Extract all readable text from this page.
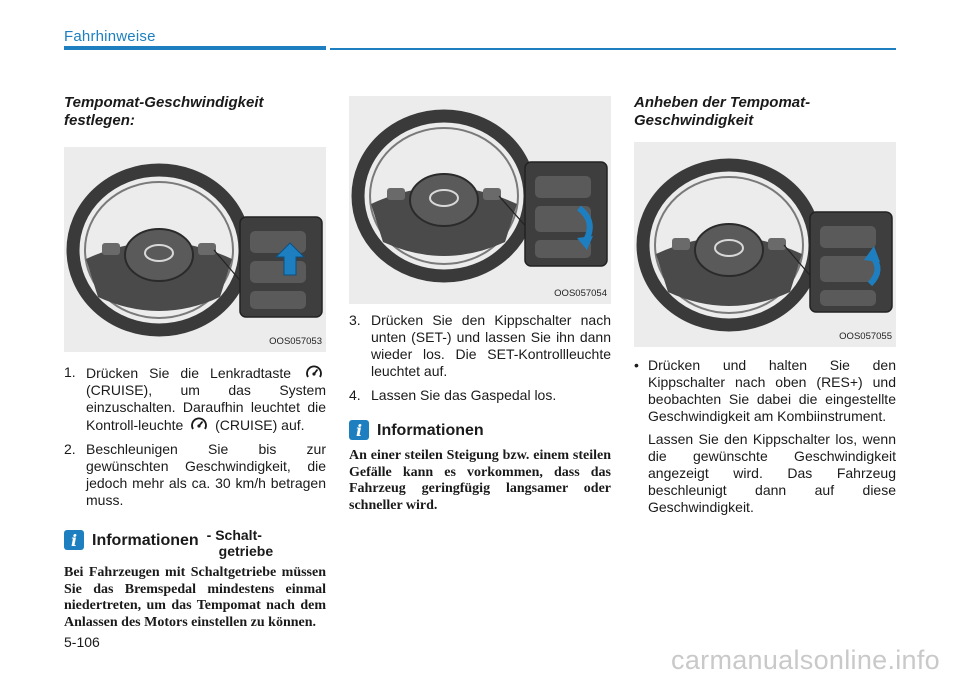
Fahrhinweise

Tempomat-Geschwindigkeit festlegen:

OOS057053

1. Drücken Sie die Lenkradtaste  (CRUISE), um das System einzuschalten. Daraufhin leuchtet die Kontroll-leuchte (CRUISE) auf.

2. Beschleunigen Sie bis zur gewünschten Geschwindigkeit, die jedoch mehr als ca. 30 km/h betragen muss.

i Informationen - Schalt-
getriebe

Bei Fahrzeugen mit Schaltgetriebe müssen Sie das Bremspedal mindestens einmal niedertreten, um das Tempomat nach dem Anlassen des Motors einstellen zu können.

OOS057054

3. Drücken Sie den Kippschalter nach unten (SET-) und lassen Sie ihn dann wieder los. Die SET-Kontrollleuchte leuchtet auf.

4. Lassen Sie das Gaspedal los.

i Informationen

An einer steilen Steigung bzw. einem steilen Gefälle kann es vorkommen, dass das Fahrzeug geringfügig langsamer oder schneller wird.

Anheben der Tempomat-Geschwindigkeit

OOS057055

• Drücken und halten Sie den Kippschalter nach oben (RES+) und beobachten Sie dabei die eingestellte Geschwindigkeit am Kombiinstrument.

Lassen Sie den Kippschalter los, wenn die gewünschte Geschwindigkeit angezeigt wird. Das Fahrzeug beschleunigt dann auf diese Geschwindigkeit.

5-106
carmanualsonline.info
